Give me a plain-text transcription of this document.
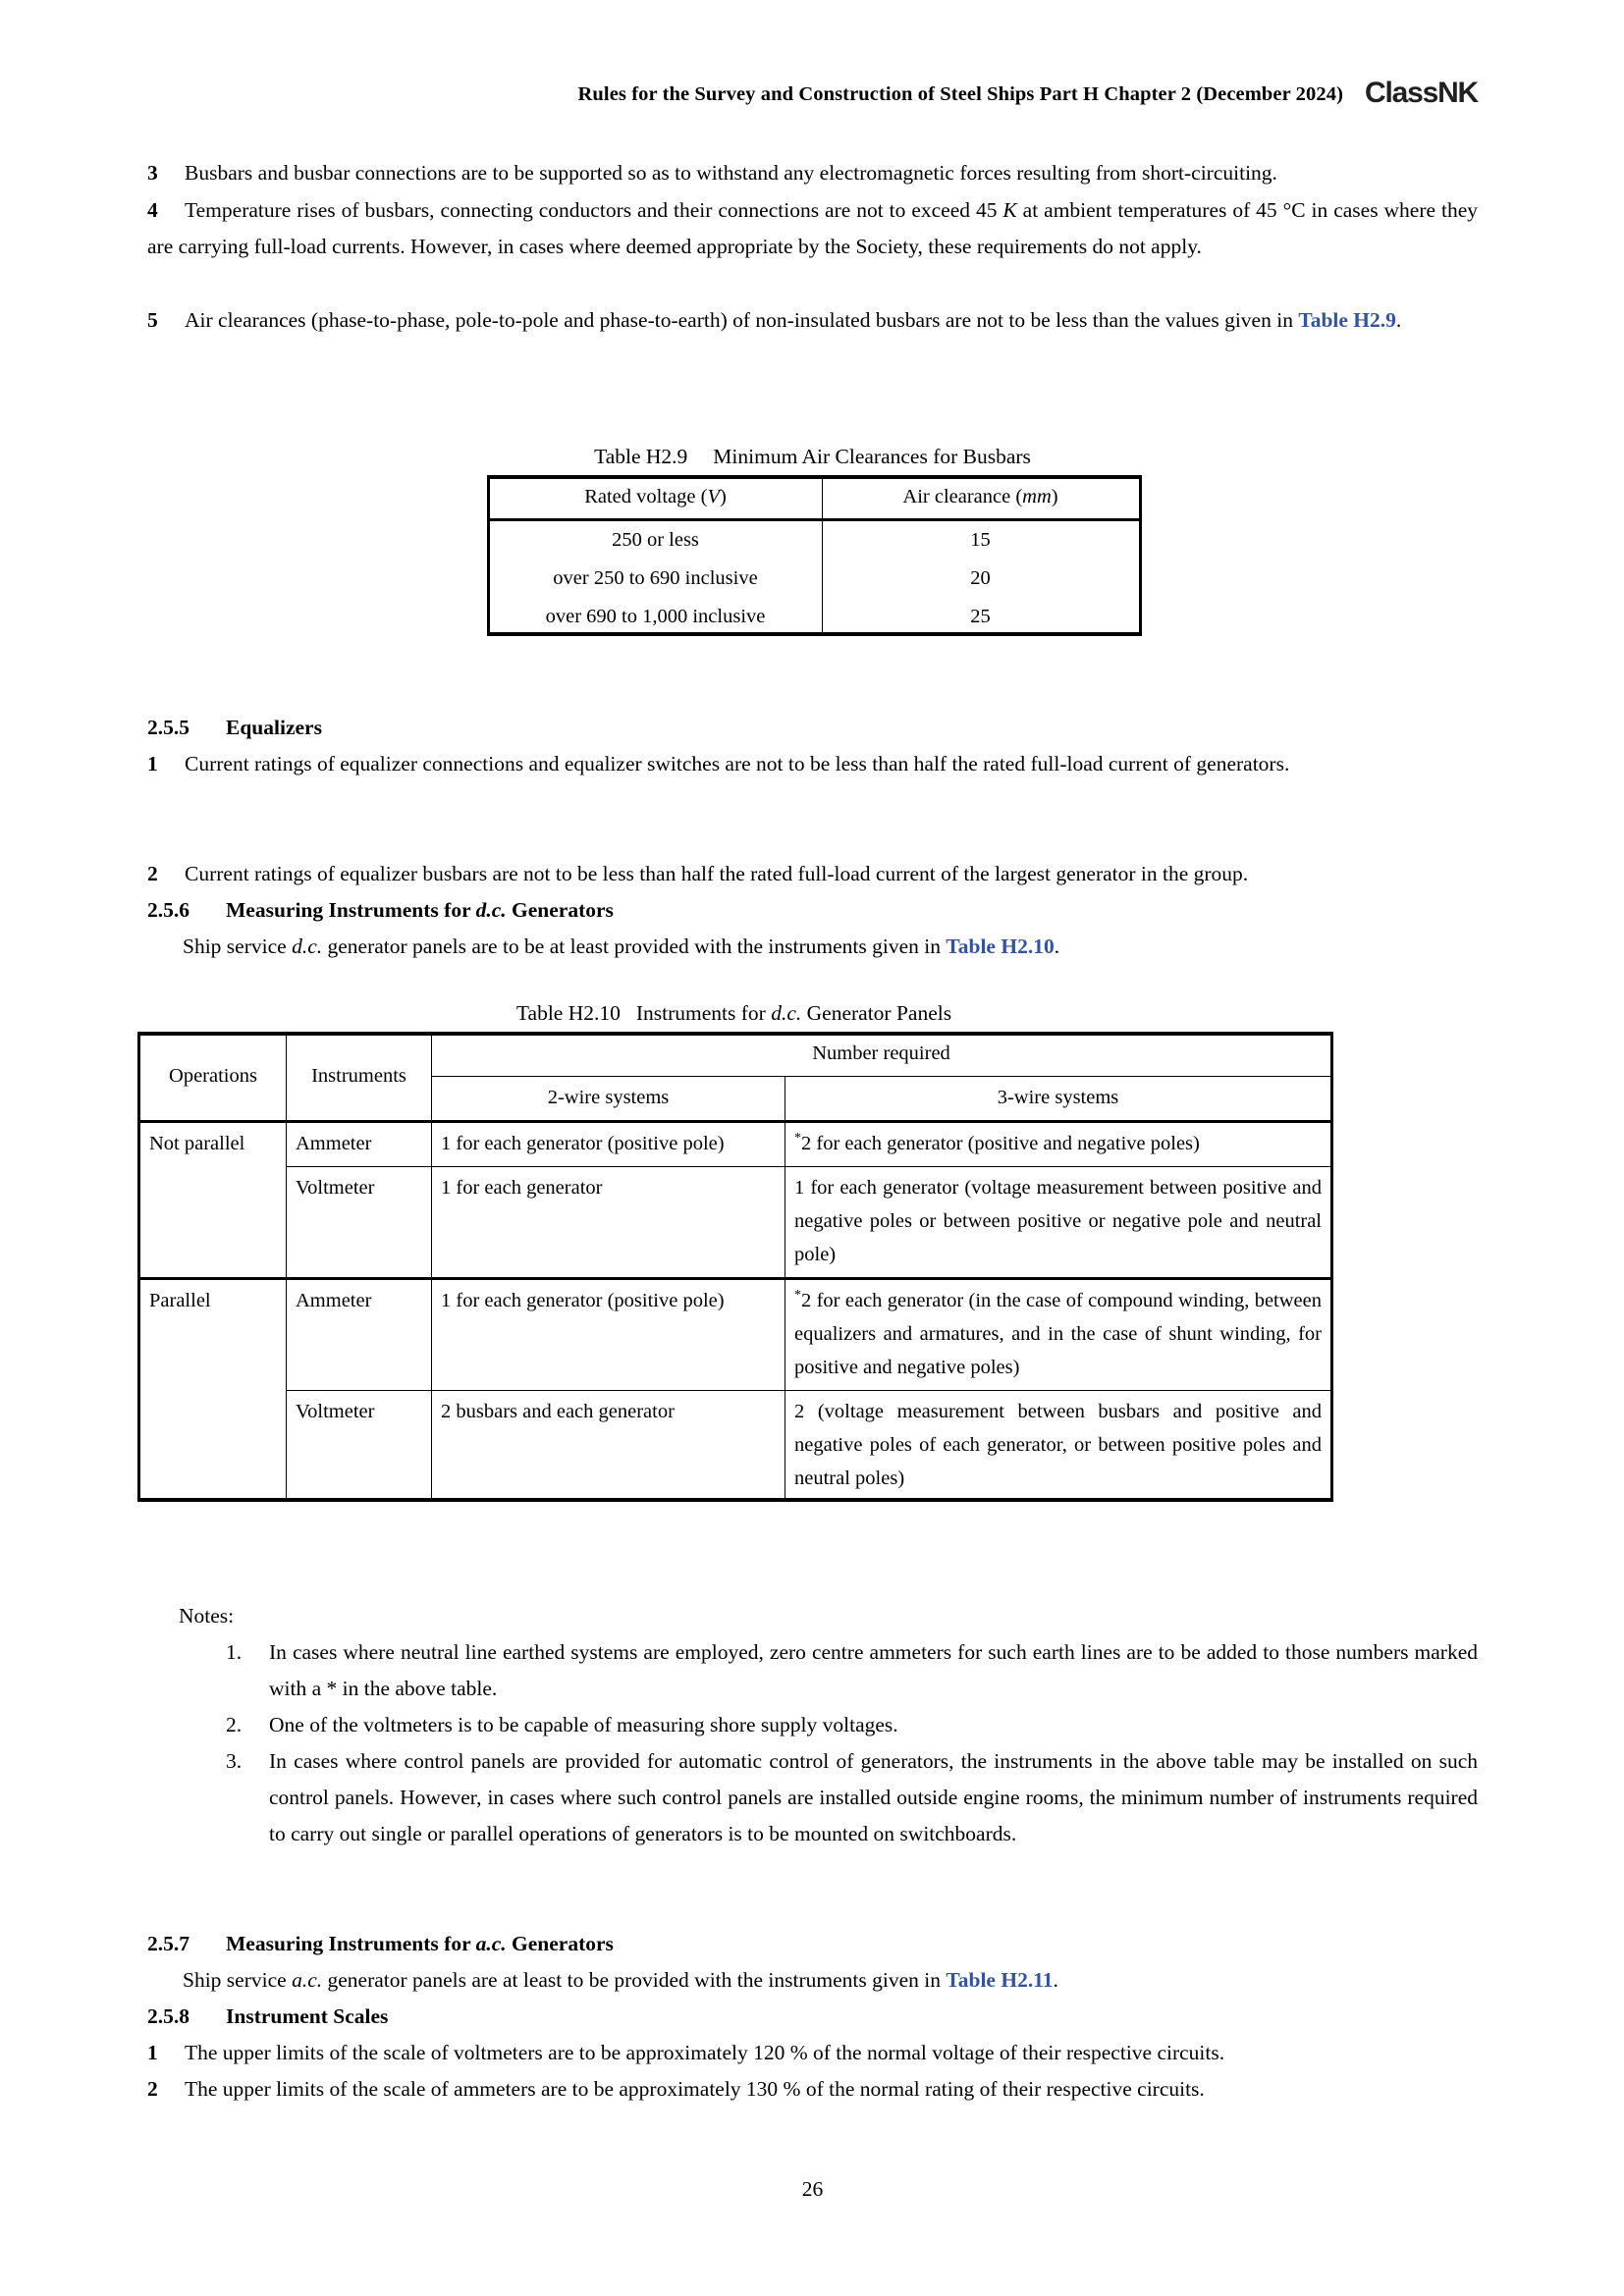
Rules for the Survey and Construction of Steel Ships Part H Chapter 2 (December 2024) ClassNK

3 Busbars and busbar connections are to be supported so as to withstand any electromagnetic forces resulting from short-circuiting.

4 Temperature rises of busbars, connecting conductors and their connections are not to exceed 45 K at ambient temperatures of 45 °C in cases where they are carrying full-load currents. However, in cases where deemed appropriate by the Society, these requirements do not apply.

5 Air clearances (phase-to-phase, pole-to-pole and phase-to-earth) of non-insulated busbars are not to be less than the values given in Table H2.9.

Table H2.9 Minimum Air Clearances for Busbars

Rated voltage (V)	Air clearance (mm)
250 or less	15
over 250 to 690 inclusive	20
over 690 to 1,000 inclusive	25
2.5.5	Equalizers

1 Current ratings of equalizer connections and equalizer switches are not to be less than half the rated full-load current of generators.

2 Current ratings of equalizer busbars are not to be less than half the rated full-load current of the largest generator in the group.

2.5.6	Measuring Instruments for d.c. Generators

Ship service d.c. generator panels are to be at least provided with the instruments given in Table H2.10.

Table H2.10 Instruments for d.c. Generator Panels

Operations	Instruments	Number required	
		2-wire systems	3-wire systems
Not parallel	Ammeter	1 for each generator (positive pole)	*2 for each generator (positive and negative poles)
	Voltmeter	1 for each generator	1 for each generator (voltage measurement between positive and negative poles or between positive or negative pole and neutral pole)
Parallel	Ammeter	1 for each generator (positive pole)	*2 for each generator (in the case of compound winding, between equalizers and armatures, and in the case of shunt winding, for positive and negative poles)
	Voltmeter	2 busbars and each generator	2 (voltage measurement between busbars and positive and negative poles of each generator, or between positive poles and neutral poles)
Notes:
1.	In cases where neutral line earthed systems are employed, zero centre ammeters for such earth lines are to be added to those numbers marked with a * in the above table.
2.	One of the voltmeters is to be capable of measuring shore supply voltages.
3.	In cases where control panels are provided for automatic control of generators, the instruments in the above table may be installed on such control panels. However, in cases where such control panels are installed outside engine rooms, the minimum number of instruments required to carry out single or parallel operations of generators is to be mounted on switchboards.
2.5.7	Measuring Instruments for a.c. Generators

Ship service a.c. generator panels are at least to be provided with the instruments given in Table H2.11.

2.5.8	Instrument Scales

1 The upper limits of the scale of voltmeters are to be approximately 120 % of the normal voltage of their respective circuits.

2 The upper limits of the scale of ammeters are to be approximately 130 % of the normal rating of their respective circuits.

26
